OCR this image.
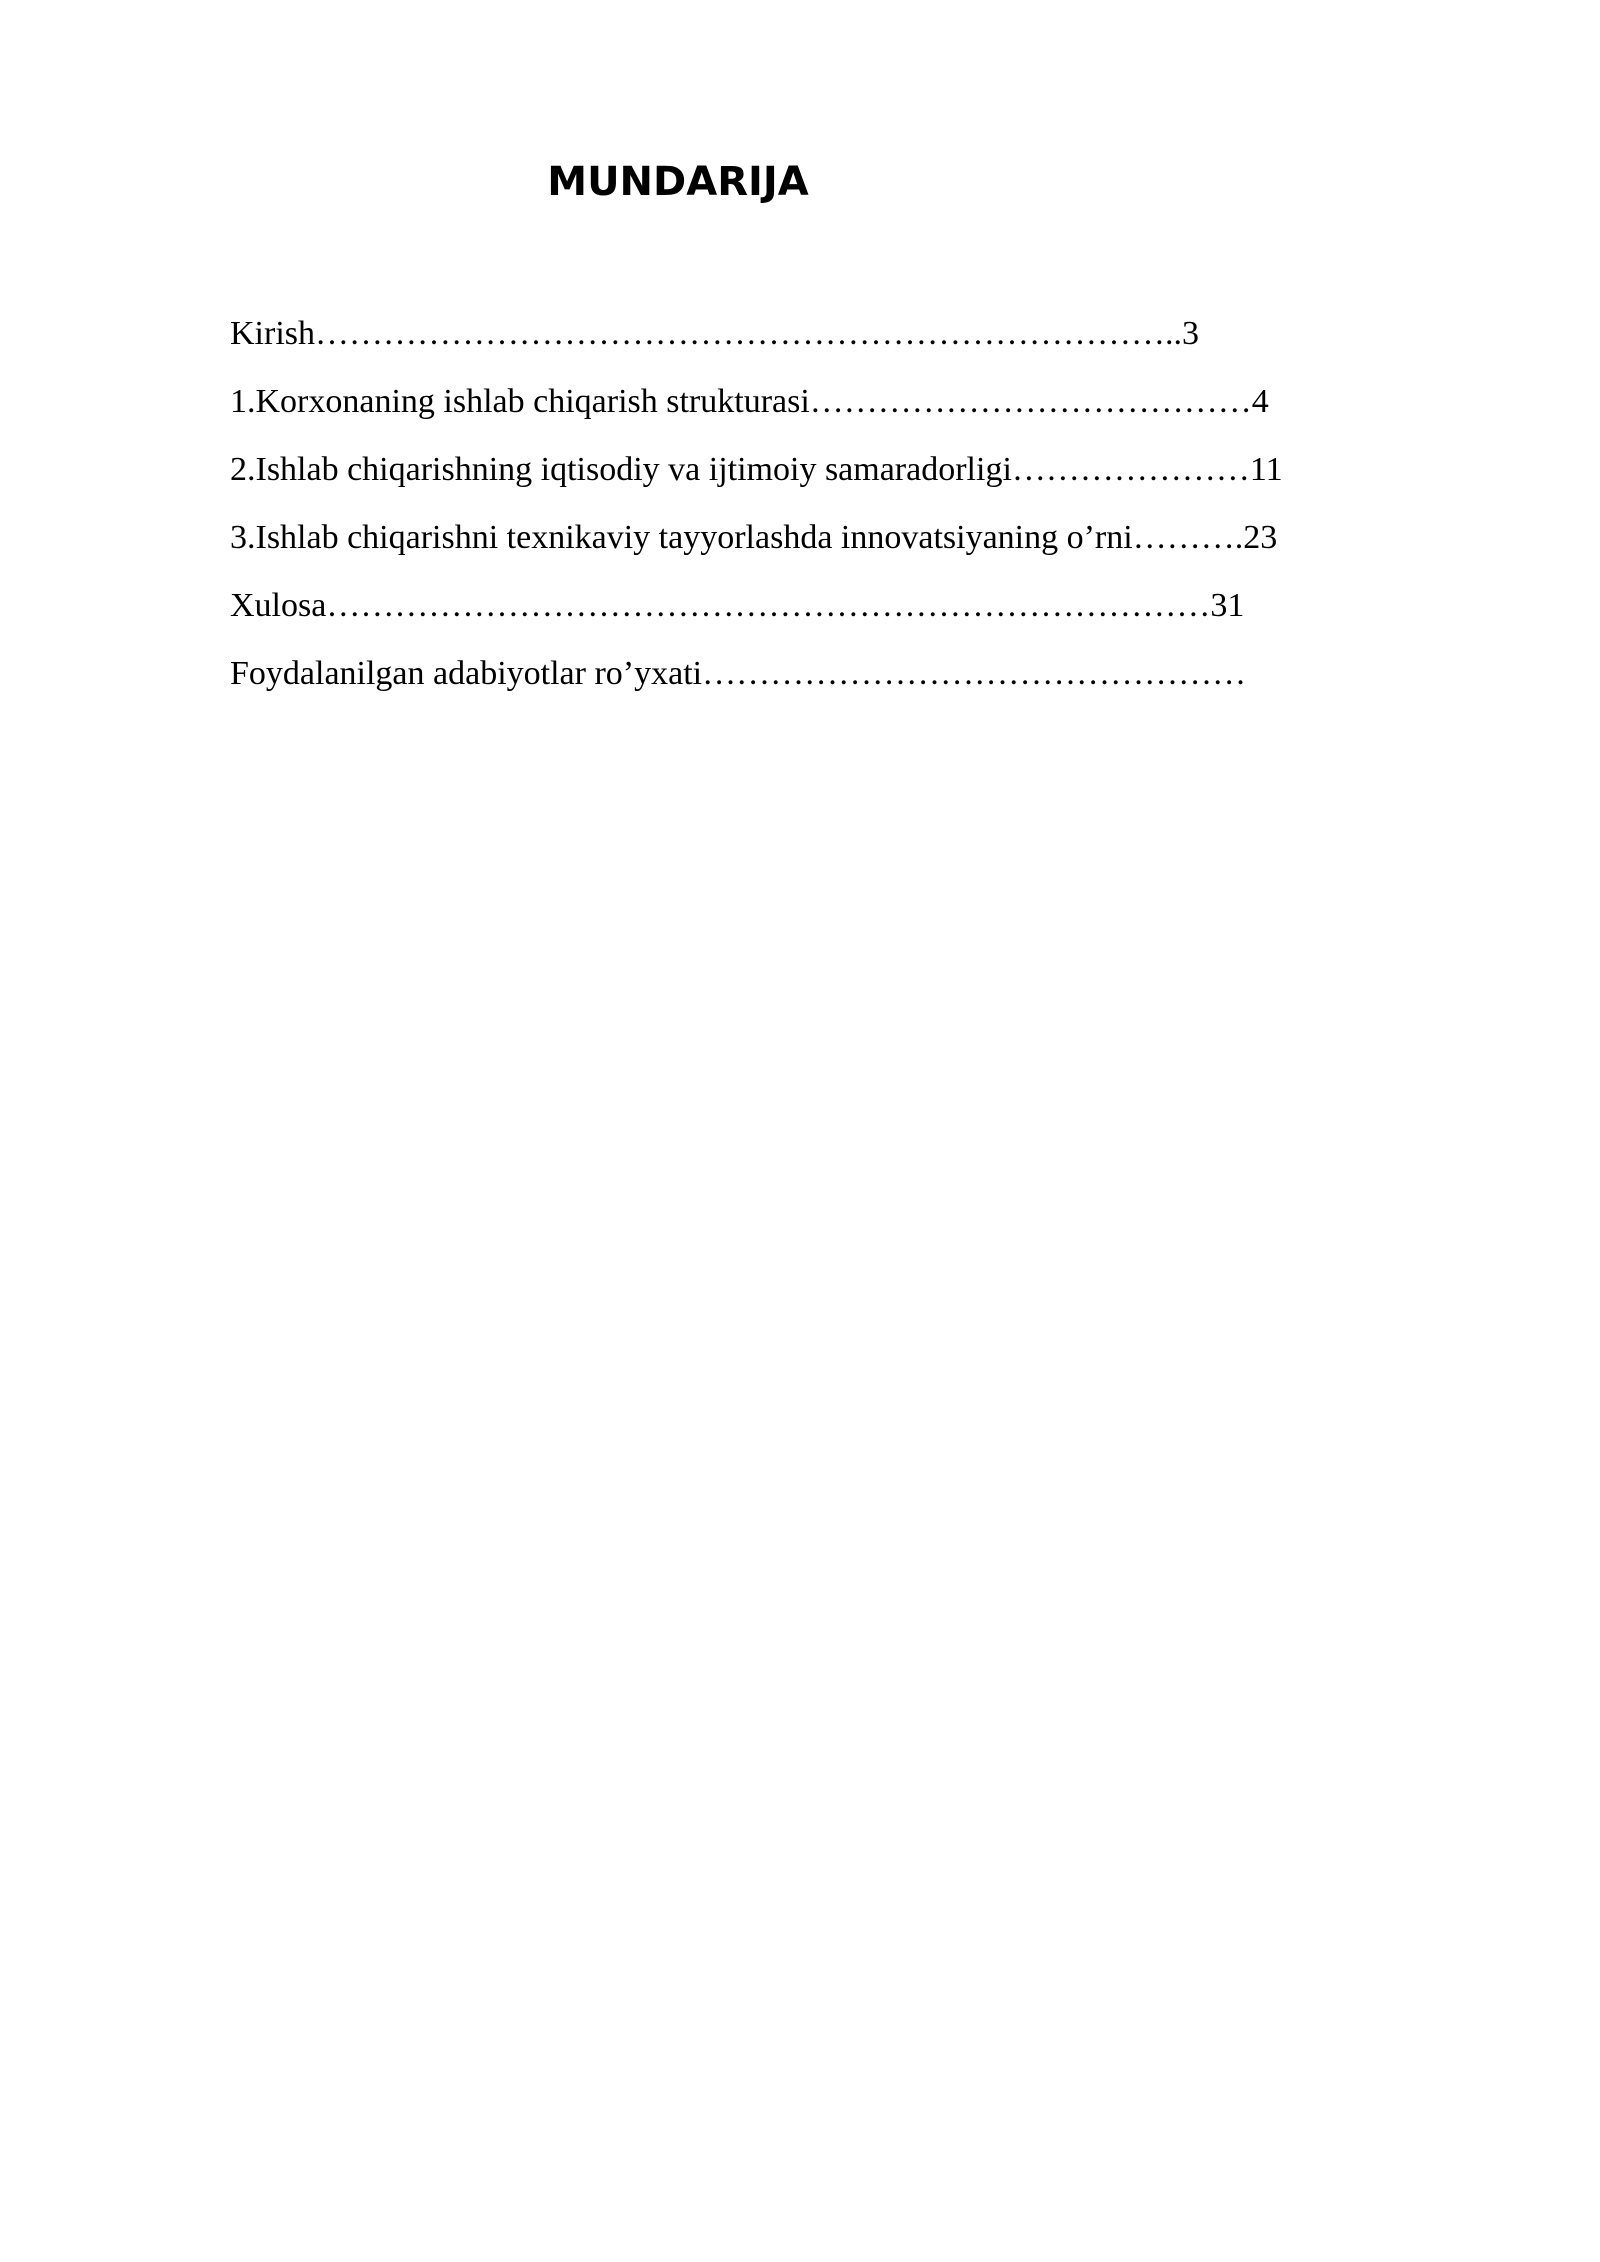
MUNDARIJA
Kirish…………………………………………………………………..3
1.Korxonaning ishlab chiqarish strukturasi…………………………………4
2.Ishlab chiqarishning iqtisodiy va ijtimoiy samaradorligi…………………11
3.Ishlab chiqarishni texnikaviy tayyorlashda innovatsiyaning o’rni……….23
Xulosa……………………………………………………………………31
Foydalanilgan adabiyotlar ro’yxati…………………………………………
